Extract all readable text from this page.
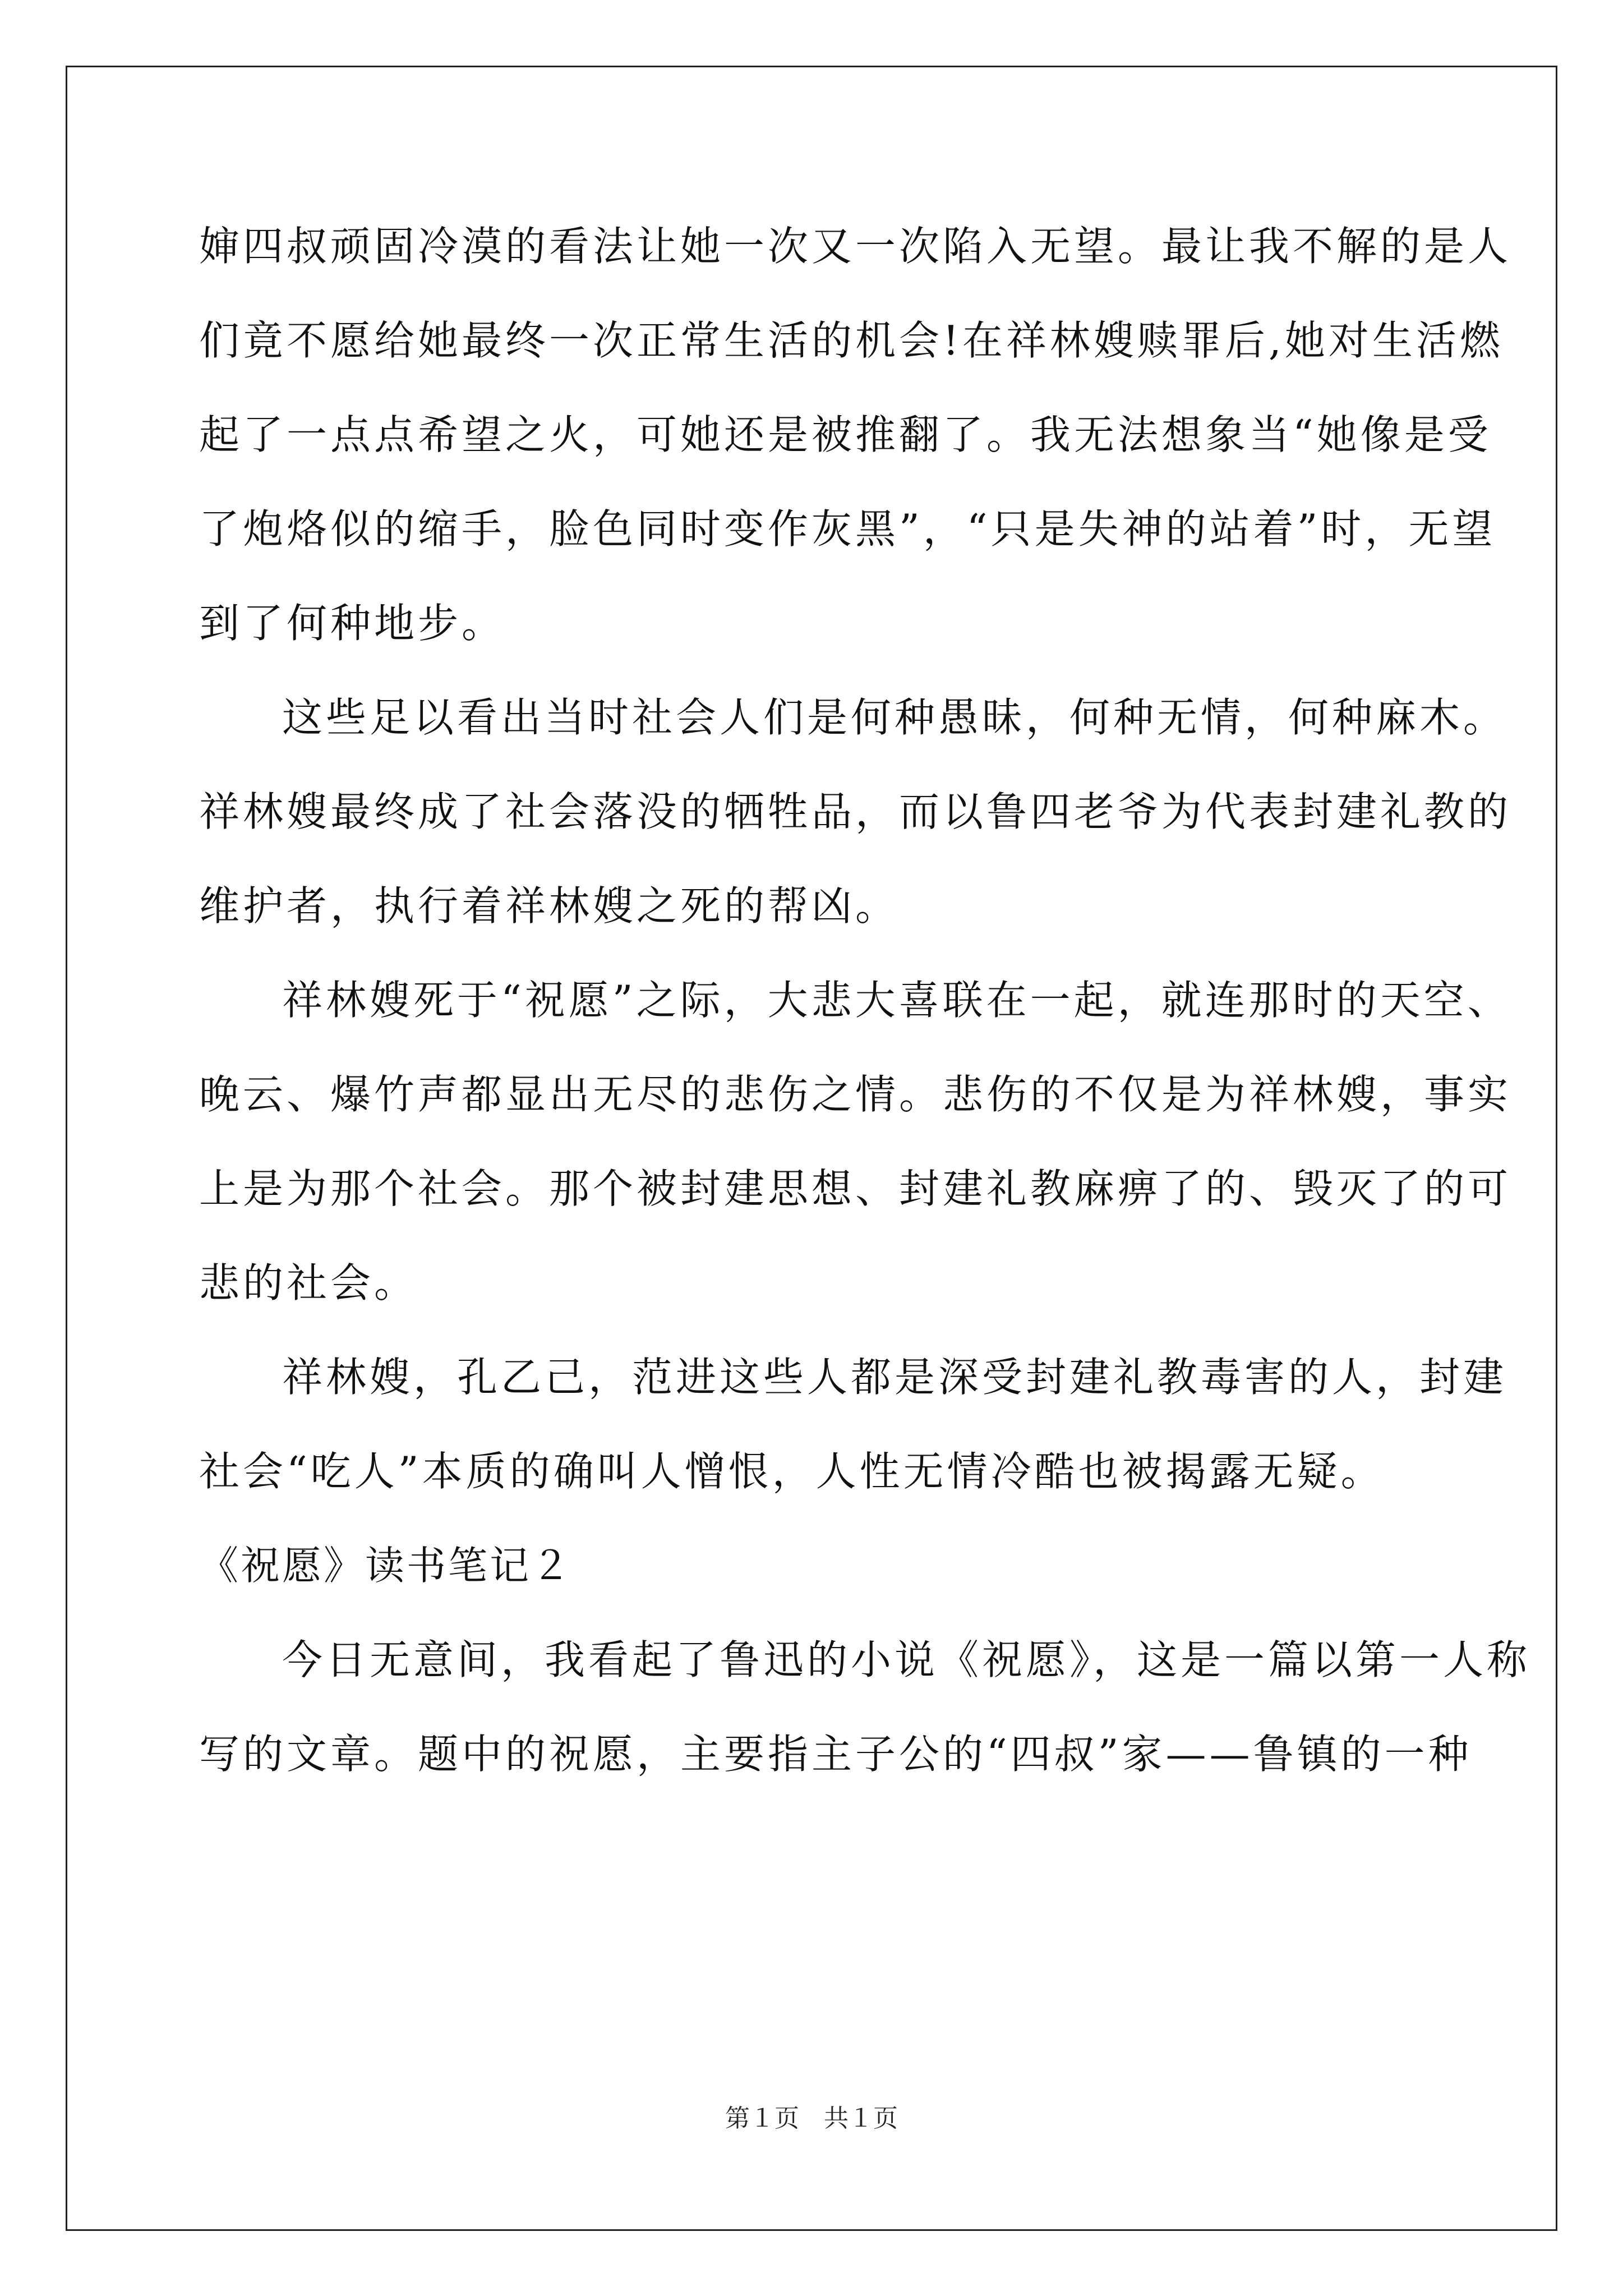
婶四叔顽固冷漠的看法让她一次又一次陷入无望。最让我不解的是人
们竟不愿给她最终一次正常生活的机会!在祥林嫂赎罪后,她对生活燃
起了一点点希望之火，可她还是被推翻了。我无法想象当“她像是受
了炮烙似的缩手，脸色同时变作灰黑”，“只是失神的站着”时，无望
到了何种地步。
这些足以看出当时社会人们是何种愚昧，何种无情，何种麻木。
祥林嫂最终成了社会落没的牺牲品，而以鲁四老爷为代表封建礼教的
维护者，执行着祥林嫂之死的帮凶。
祥林嫂死于“祝愿”之际，大悲大喜联在一起，就连那时的天空、
晚云、爆竹声都显出无尽的悲伤之情。悲伤的不仅是为祥林嫂，事实
上是为那个社会。那个被封建思想、封建礼教麻痹了的、毁灭了的可
悲的社会。
祥林嫂，孔乙己，范进这些人都是深受封建礼教毒害的人，封建
社会“吃人”本质的确叫人憎恨，人性无情冷酷也被揭露无疑。
《祝愿》读书笔记２
今日无意间，我看起了鲁迅的小说《祝愿》，这是一篇以第一人称
写的文章。题中的祝愿，主要指主子公的“四叔”家——鲁镇的一种
第１页　共１页
